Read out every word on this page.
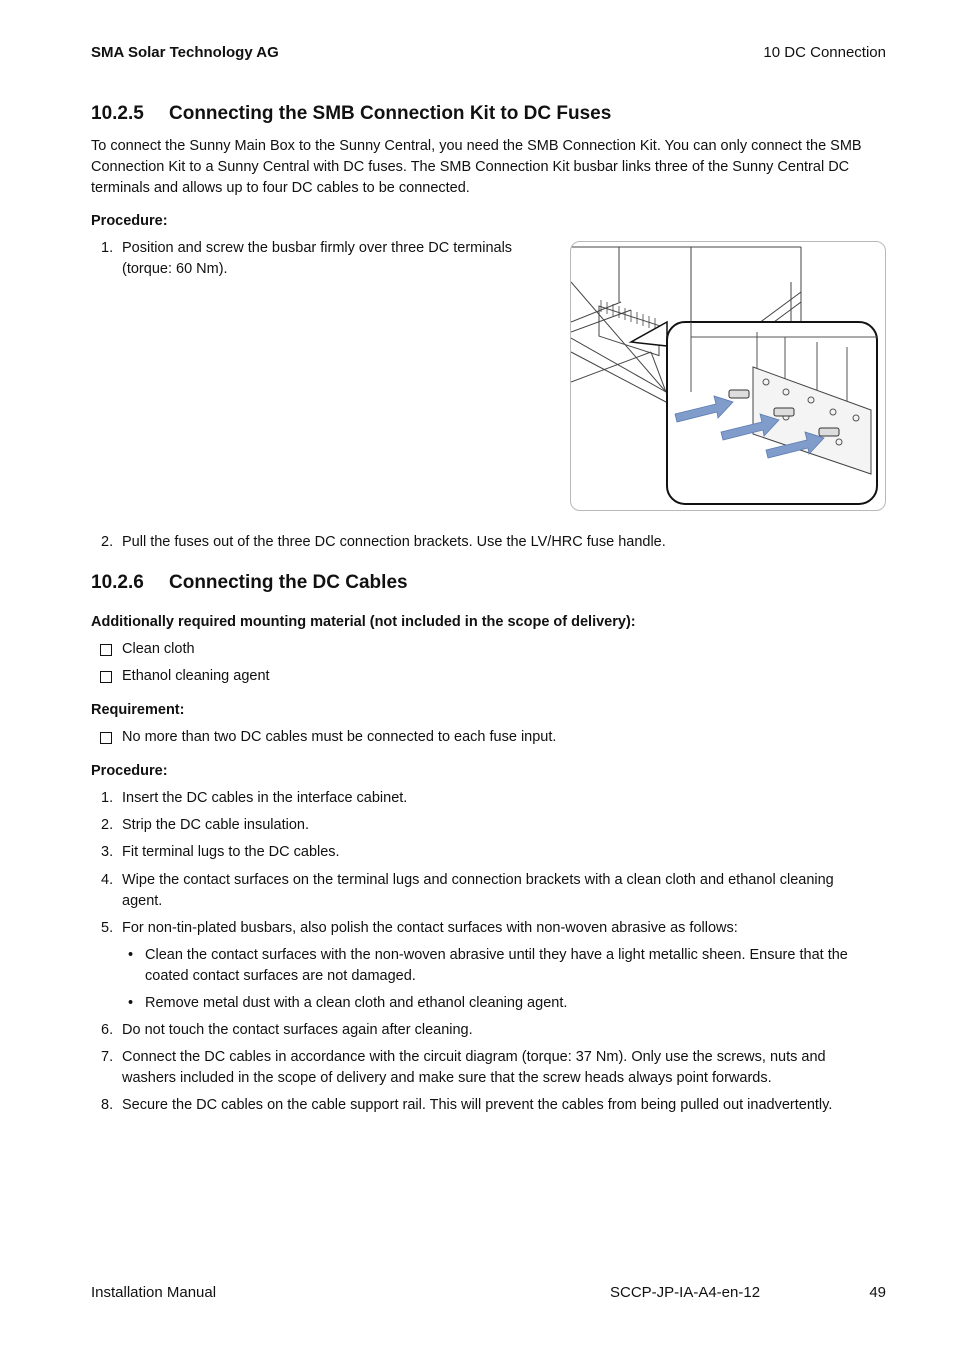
SMA Solar Technology AG	10 DC Connection
10.2.5 Connecting the SMB Connection Kit to DC Fuses

To connect the Sunny Main Box to the Sunny Central, you need the SMB Connection Kit. You can only connect the SMB Connection Kit to a Sunny Central with DC fuses. The SMB Connection Kit busbar links three of the Sunny Central DC terminals and allows up to four DC cables to be connected.

Procedure:

1. Position and screw the busbar firmly over three DC terminals (torque: 60 Nm).
2. Pull the fuses out of the three DC connection brackets. Use the LV/HRC fuse handle.
10.2.6 Connecting the DC Cables

Additionally required mounting material (not included in the scope of delivery):

Clean cloth
Ethanol cleaning agent

Requirement:

No more than two DC cables must be connected to each fuse input.

Procedure:

1. Insert the DC cables in the interface cabinet.
2. Strip the DC cable insulation.
3. Fit terminal lugs to the DC cables.
4. Wipe the contact surfaces on the terminal lugs and connection brackets with a clean cloth and ethanol cleaning agent.
5. For non-tin-plated busbars, also polish the contact surfaces with non-woven abrasive as follows:
• Clean the contact surfaces with the non-woven abrasive until they have a light metallic sheen. Ensure that the coated contact surfaces are not damaged.
• Remove metal dust with a clean cloth and ethanol cleaning agent.
6. Do not touch the contact surfaces again after cleaning.
7. Connect the DC cables in accordance with the circuit diagram (torque: 37 Nm). Only use the screws, nuts and washers included in the scope of delivery and make sure that the screw heads always point forwards.
8. Secure the DC cables on the cable support rail. This will prevent the cables from being pulled out inadvertently.
Installation Manual	SCCP-JP-IA-A4-en-12	49
